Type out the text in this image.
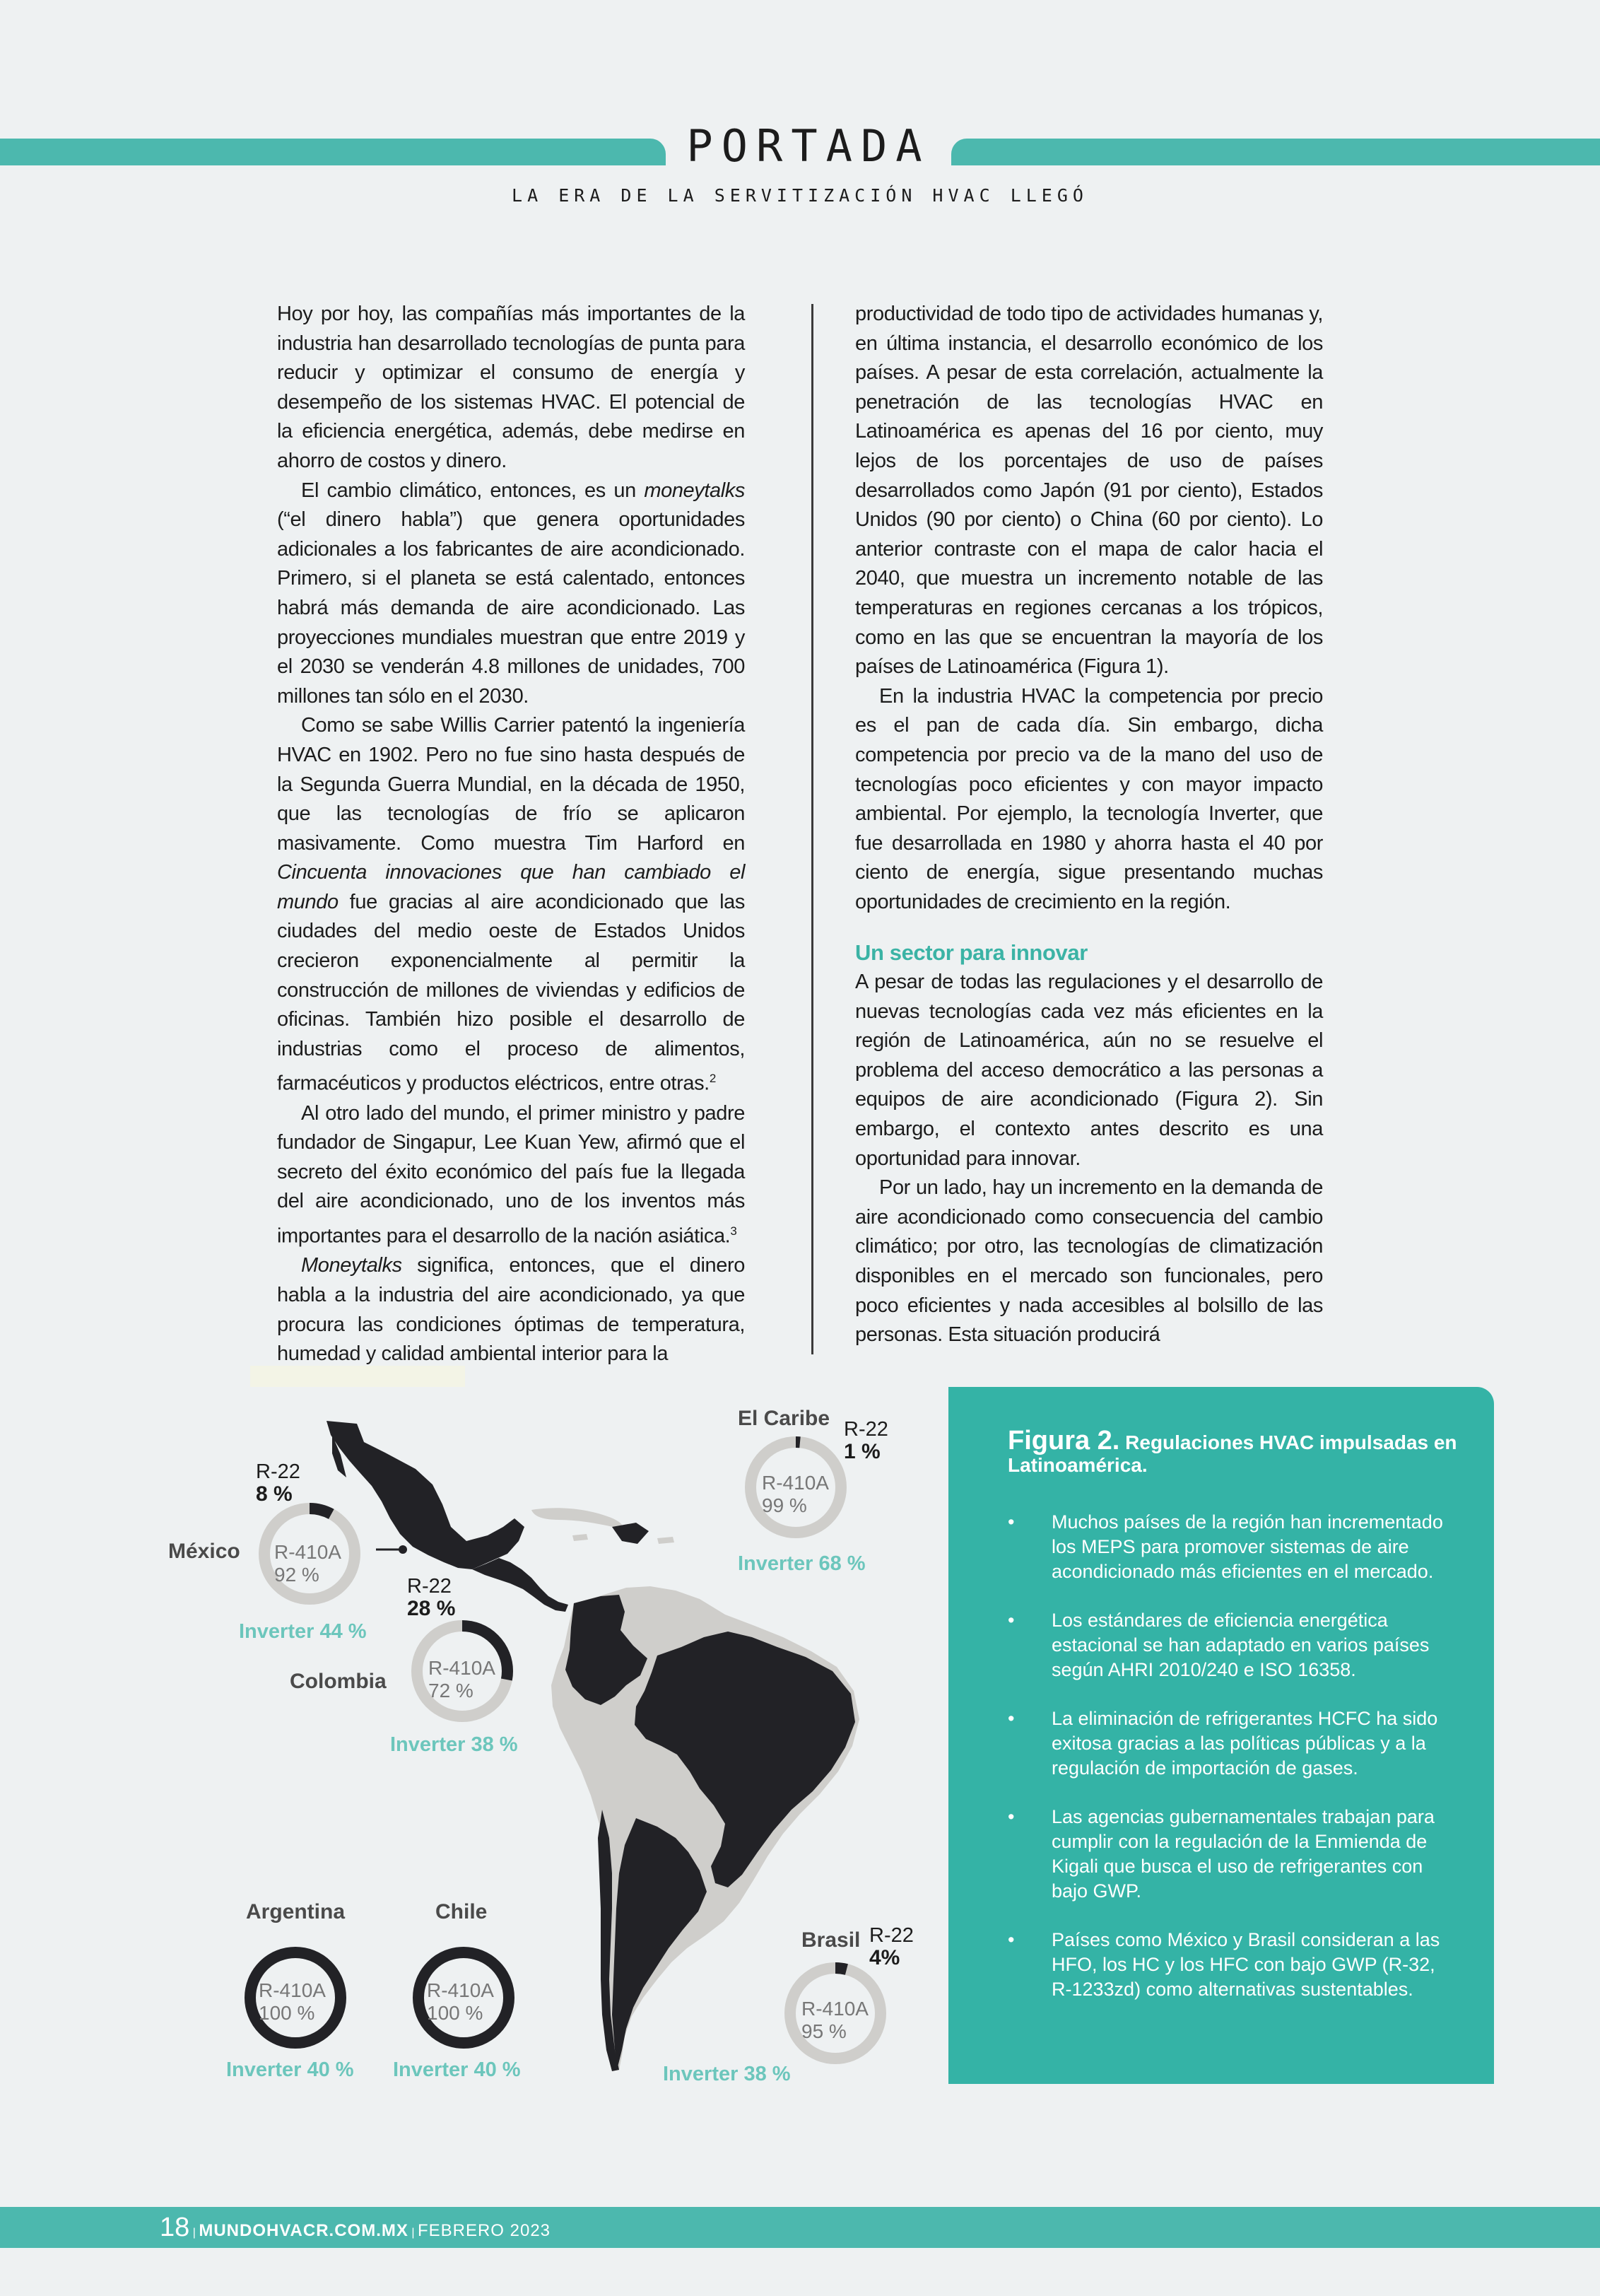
PORTADA
LA ERA DE LA SERVITIZACIÓN HVAC LLEGÓ

Hoy por hoy, las compañías más importantes de la industria han desarrollado tecnologías de punta para reducir y optimizar el consumo de energía y desempeño de los sistemas HVAC. El potencial de la eficiencia energética, además, debe medirse en ahorro de costos y dinero.

El cambio climático, entonces, es un moneytalks (“el dinero habla”) que genera oportunidades adicionales a los fabricantes de aire acondicionado. Primero, si el planeta se está calentado, entonces habrá más demanda de aire acondicionado. Las proyecciones mundiales muestran que entre 2019 y el 2030 se venderán 4.8 millones de unidades, 700 millones tan sólo en el 2030.

Como se sabe Willis Carrier patentó la ingeniería HVAC en 1902. Pero no fue sino hasta después de la Segunda Guerra Mundial, en la década de 1950, que las tecnologías de frío se aplicaron masivamente. Como muestra Tim Harford en Cincuenta innovaciones que han cambiado el mundo fue gracias al aire acondicionado que las ciudades del medio oeste de Estados Unidos crecieron exponencialmente al permitir la construcción de millones de viviendas y edificios de oficinas. También hizo posible el desarrollo de industrias como el proceso de alimentos, farmacéuticos y productos eléctricos, entre otras.$^2$

Al otro lado del mundo, el primer ministro y padre fundador de Singapur, Lee Kuan Yew, afirmó que el secreto del éxito económico del país fue la llegada del aire acondicionado, uno de los inventos más importantes para el desarrollo de la nación asiática.$^3$

Moneytalks significa, entonces, que el dinero habla a la industria del aire acondicionado, ya que procura las condiciones óptimas de temperatura, humedad y calidad ambiental interior para la

productividad de todo tipo de actividades humanas y, en última instancia, el desarrollo económico de los países. A pesar de esta correlación, actualmente la penetración de las tecnologías HVAC en Latinoamérica es apenas del 16 por ciento, muy lejos de los porcentajes de uso de países desarrollados como Japón (91 por ciento), Estados Unidos (90 por ciento) o China (60 por ciento). Lo anterior contraste con el mapa de calor hacia el 2040, que muestra un incremento notable de las temperaturas en regiones cercanas a los trópicos, como en las que se encuentran la mayoría de los países de Latinoamérica (Figura 1).

En la industria HVAC la competencia por precio es el pan de cada día. Sin embargo, dicha competencia por precio va de la mano del uso de tecnologías poco eficientes y con mayor impacto ambiental. Por ejemplo, la tecnología Inverter, que fue desarrollada en 1980 y ahorra hasta el 40 por ciento de energía, sigue presentando muchas oportunidades de crecimiento en la región.

Un sector para innovar

A pesar de todas las regulaciones y el desarrollo de nuevas tecnologías cada vez más eficientes en la región de Latinoamérica, aún no se resuelve el problema del acceso democrático a las personas a equipos de aire acondicionado (Figura 2). Sin embargo, el contexto antes descrito es una oportunidad para innovar.

Por un lado, hay un incremento en la demanda de aire acondicionado como consecuencia del cambio climático; por otro, las tecnologías de climatización disponibles en el mercado son funcionales, pero poco eficientes y nada accesibles al bolsillo de las personas. Esta situación producirá

México
R-22
8 %
R-410A
92 %
Inverter 44 %
El Caribe R-22
1 %
R-410A
99 %
Inverter 68 %
Colombia
R-22
28 %
R-410A
72 %
Inverter 38 %
Argentina
R-410A
100 %
Inverter 40 %
Chile
R-410A
100 %
Inverter 40 %
Brasil R-22
4%
R-410A
95 %
Inverter 38 %
Figura 2. Regulaciones HVAC impulsadas en Latinoamérica.
• Muchos países de la región han incrementado los MEPS para promover sistemas de aire acondicionado más eficientes en el mercado.
• Los estándares de eficiencia energética estacional se han adaptado en varios países según AHRI 2010/240 e ISO 16358.
• La eliminación de refrigerantes HCFC ha sido exitosa gracias a las políticas públicas y a la regulación de importación de gases.
• Las agencias gubernamentales trabajan para cumplir con la regulación de la Enmienda de Kigali que busca el uso de refrigerantes con bajo GWP.
• Países como México y Brasil consideran a las HFO, los HC y los HFC con bajo GWP (R-32, R-1233zd) como alternativas sustentables.
18 | MUNDOHVACR.COM.MX | FEBRERO 2023
